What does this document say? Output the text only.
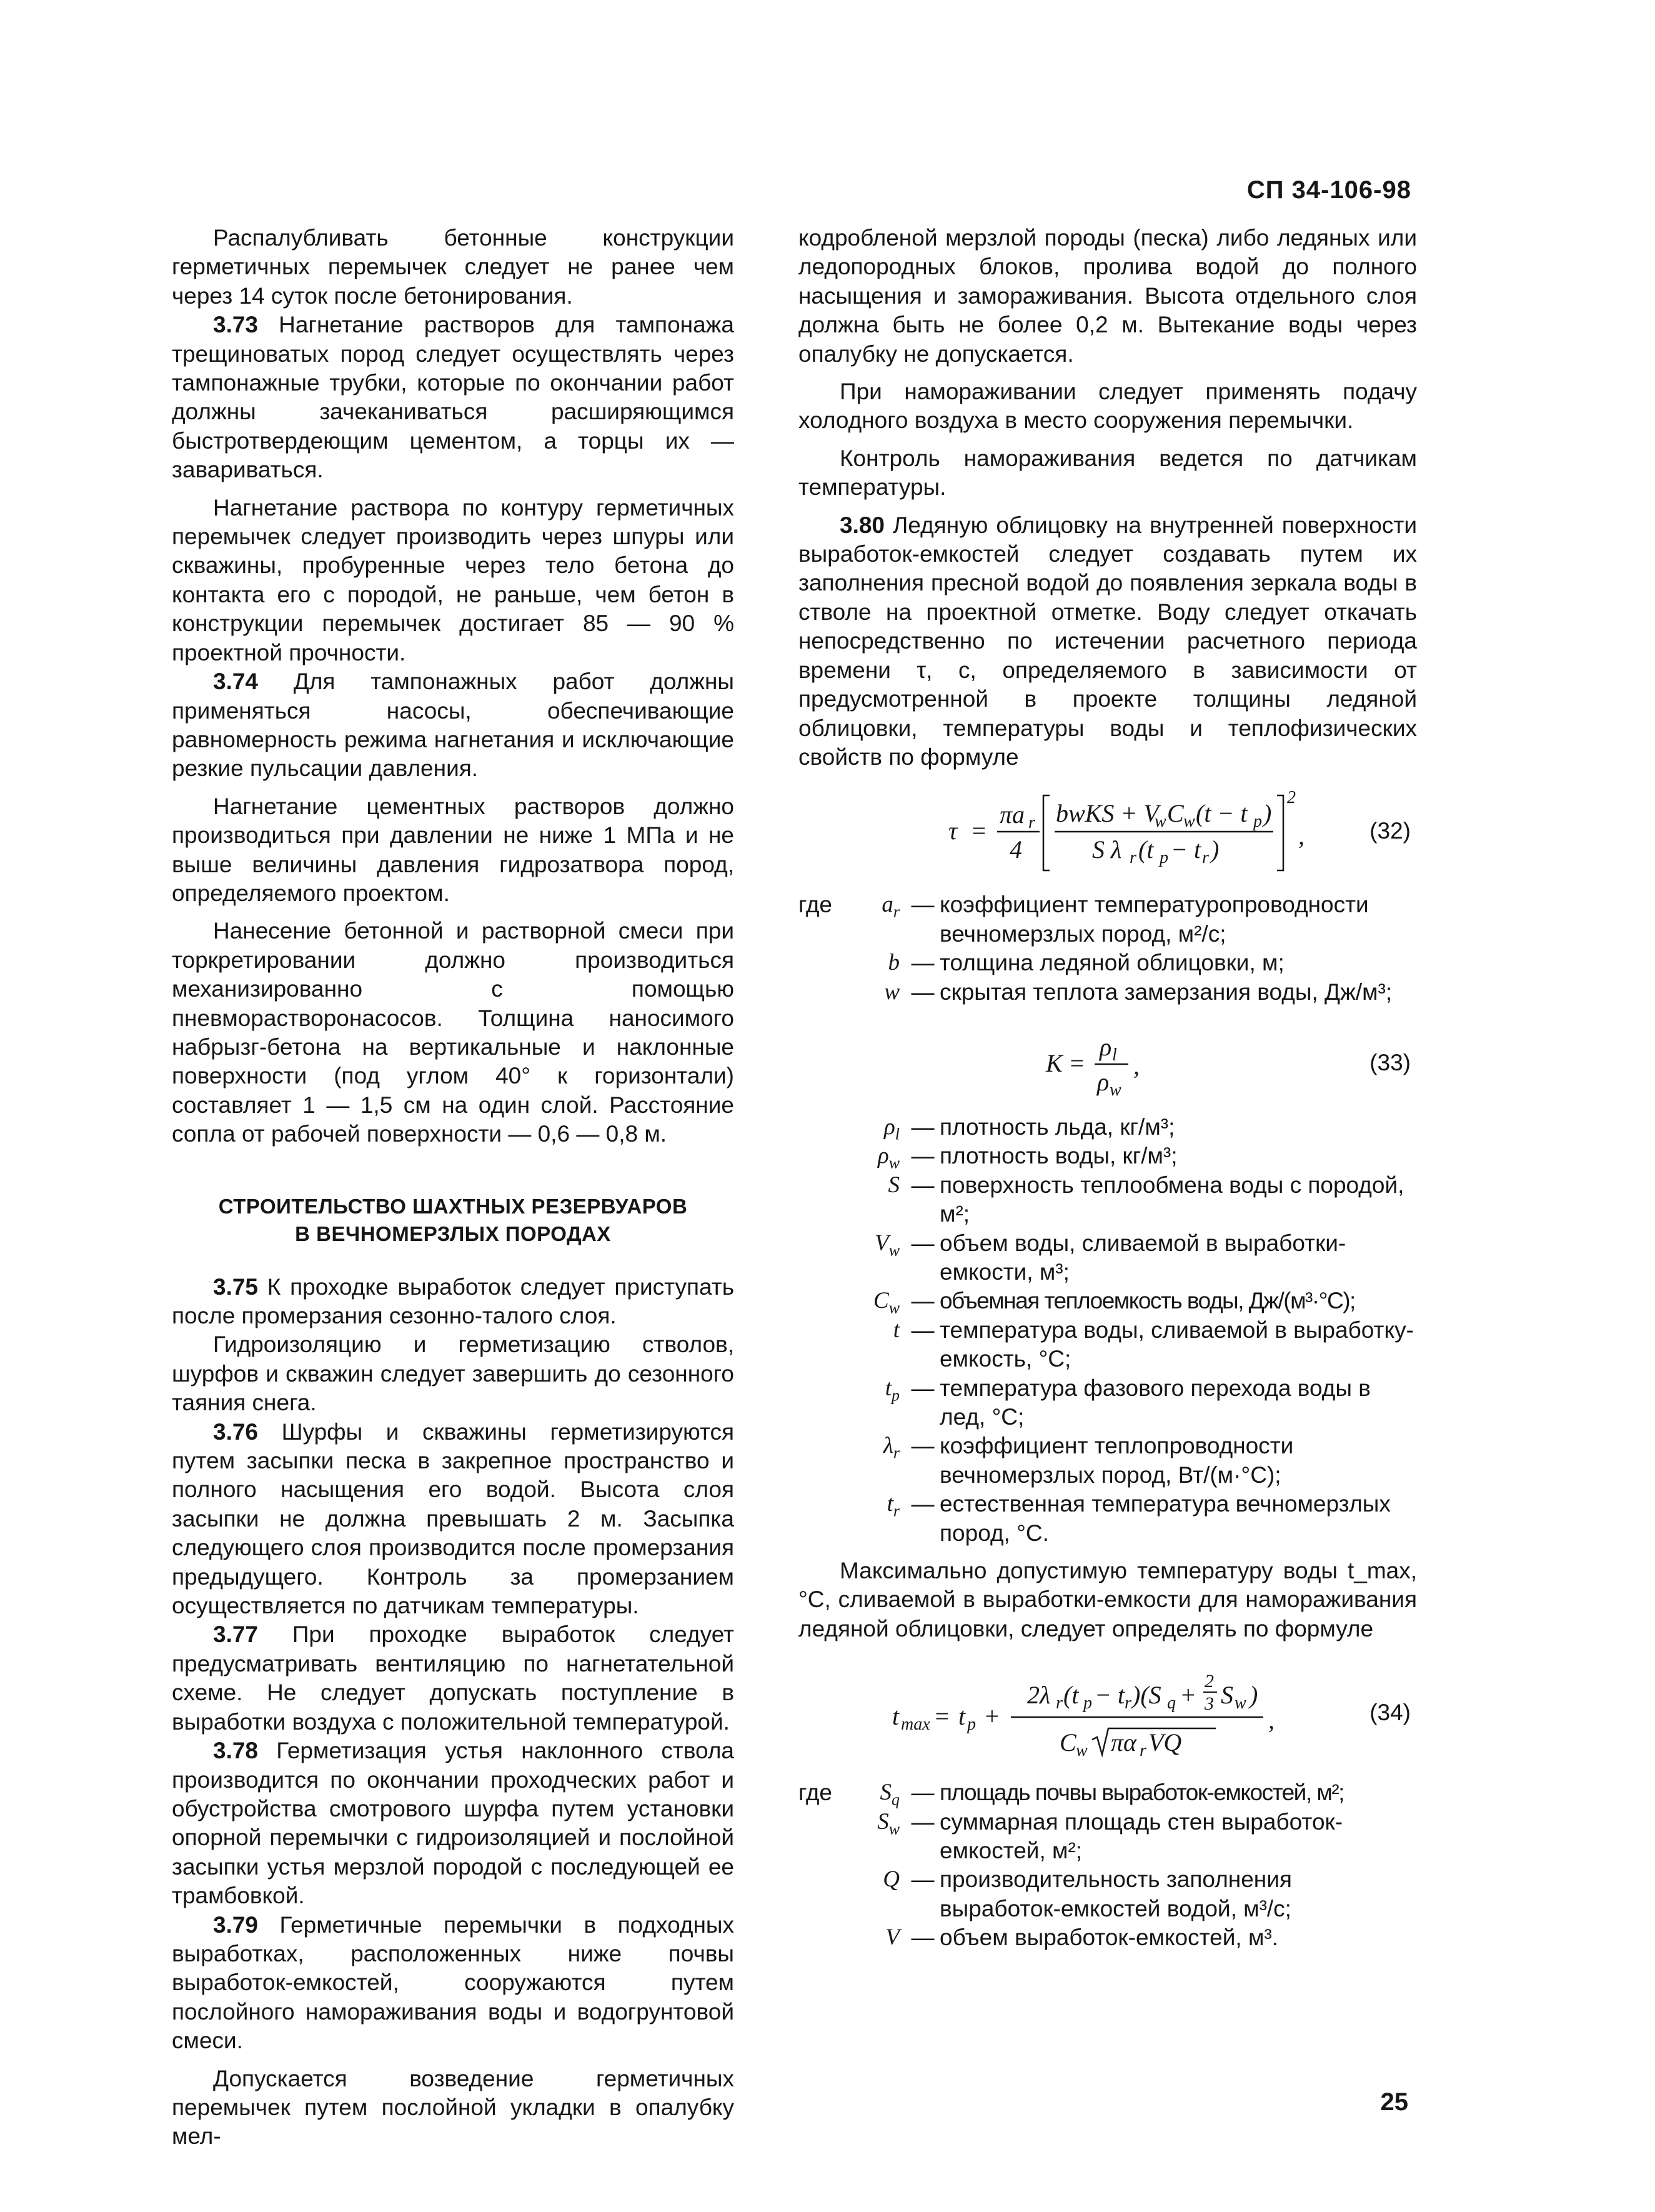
СП 34-106-98

Распалубливать бетонные конструкции герметичных перемычек следует не ранее чем через 14 суток после бетонирования.

3.73 Нагнетание растворов для тампонажа трещиноватых пород следует осуществлять через тампонажные трубки, которые по окончании работ должны зачеканиваться расширяющимся быстротвердеющим цементом, а торцы их — завариваться.

Нагнетание раствора по контуру герметичных перемычек следует производить через шпуры или скважины, пробуренные через тело бетона до контакта его с породой, не раньше, чем бетон в конструкции перемычек достигает 85 — 90 % проектной прочности.

3.74 Для тампонажных работ должны применяться насосы, обеспечивающие равномерность режима нагнетания и исключающие резкие пульсации давления.

Нагнетание цементных растворов должно производиться при давлении не ниже 1 МПа и не выше величины давления гидрозатвора пород, определяемого проектом.

Нанесение бетонной и растворной смеси при торкретировании должно производиться механизированно с помощью пневморастворонасосов. Толщина наносимого набрызг-бетона на вертикальные и наклонные поверхности (под углом 40° к горизонтали) составляет 1 — 1,5 см на один слой. Расстояние сопла от рабочей поверхности — 0,6 — 0,8 м.

СТРОИТЕЛЬСТВО ШАХТНЫХ РЕЗЕРВУАРОВ
В ВЕЧНОМЕРЗЛЫХ ПОРОДАХ

3.75 К проходке выработок следует приступать после промерзания сезонно-талого слоя.

Гидроизоляцию и герметизацию стволов, шурфов и скважин следует завершить до сезонного таяния снега.

3.76 Шурфы и скважины герметизируются путем засыпки песка в закрепное пространство и полного насыщения его водой. Высота слоя засыпки не должна превышать 2 м. Засыпка следующего слоя производится после промерзания предыдущего. Контроль за промерзанием осуществляется по датчикам температуры.

3.77 При проходке выработок следует предусматривать вентиляцию по нагнетательной схеме. Не следует допускать поступление в выработки воздуха с положительной температурой.

3.78 Герметизация устья наклонного ствола производится по окончании проходческих работ и обустройства смотрового шурфа путем установки опорной перемычки с гидроизоляцией и послойной засыпки устья мерзлой породой с последующей ее трамбовкой.

3.79 Герметичные перемычки в подходных выработках, расположенных ниже почвы выработок-емкостей, сооружаются путем послойного намораживания воды и водогрунтовой смеси.

Допускается возведение герметичных перемычек путем послойной укладки в опалубку мел-

кодробленой мерзлой породы (песка) либо ледяных или ледопородных блоков, пролива водой до полного насыщения и замораживания. Высота отдельного слоя должна быть не более 0,2 м. Вытекание воды через опалубку не допускается.

При намораживании следует применять подачу холодного воздуха в место сооружения перемычки.

Контроль намораживания ведется по датчикам температуры.

3.80 Ледяную облицовку на внутренней поверхности выработок-емкостей следует создавать путем их заполнения пресной водой до появления зеркала воды в стволе на проектной отметке. Воду следует откачать непосредственно по истечении расчетного периода времени τ, с, определяемого в зависимости от предусмотренной в проекте толщины ледяной облицовки, температуры воды и теплофизических свойств по формуле

τ =
πa r
4
bwKS + V
w C w (t − t p )
S λ r (t p − t r )
2
,	(32)
где	$a_r$ — коэффициент температуропроводности вечномерзлых пород, м²/с;
b — толщина ледяной облицовки, м;
w — скрытая теплота замерзания воды, Дж/м³;
K =
ρ l
ρ w
,	(33)
$\rho_l$ — плотность льда, кг/м³;
$\rho_w$ — плотность воды, кг/м³;
S — поверхность теплообмена воды с породой, м²;
$V_w$ — объем воды, сливаемой в выработки-емкости, м³;
$C_w$ — объемная теплоемкость воды, Дж/(м³·°С);
t — температура воды, сливаемой в выработку-емкость, °С;
$t_p$ — температура фазового перехода воды в лед, °С;
$\lambda_r$ — коэффициент теплопроводности вечномерзлых пород, Вт/(м·°С);
$t_r$ — естественная температура вечномерзлых пород, °С.

Максимально допустимую температуру воды t_max, °С, сливаемой в выработки-емкости для намораживания ледяной облицовки, следует определять по формуле

t max = t p +
2λ r (t p − t r )(S q + 2
3 S w )
C w πα r VQ
,	(34)
где	$S_q$ — площадь почвы выработок-емкостей, м²;
$S_w$ — суммарная площадь стен выработок-емкостей, м²;
Q — производительность заполнения выработок-емкостей водой, м³/с;
V — объем выработок-емкостей, м³.
25
